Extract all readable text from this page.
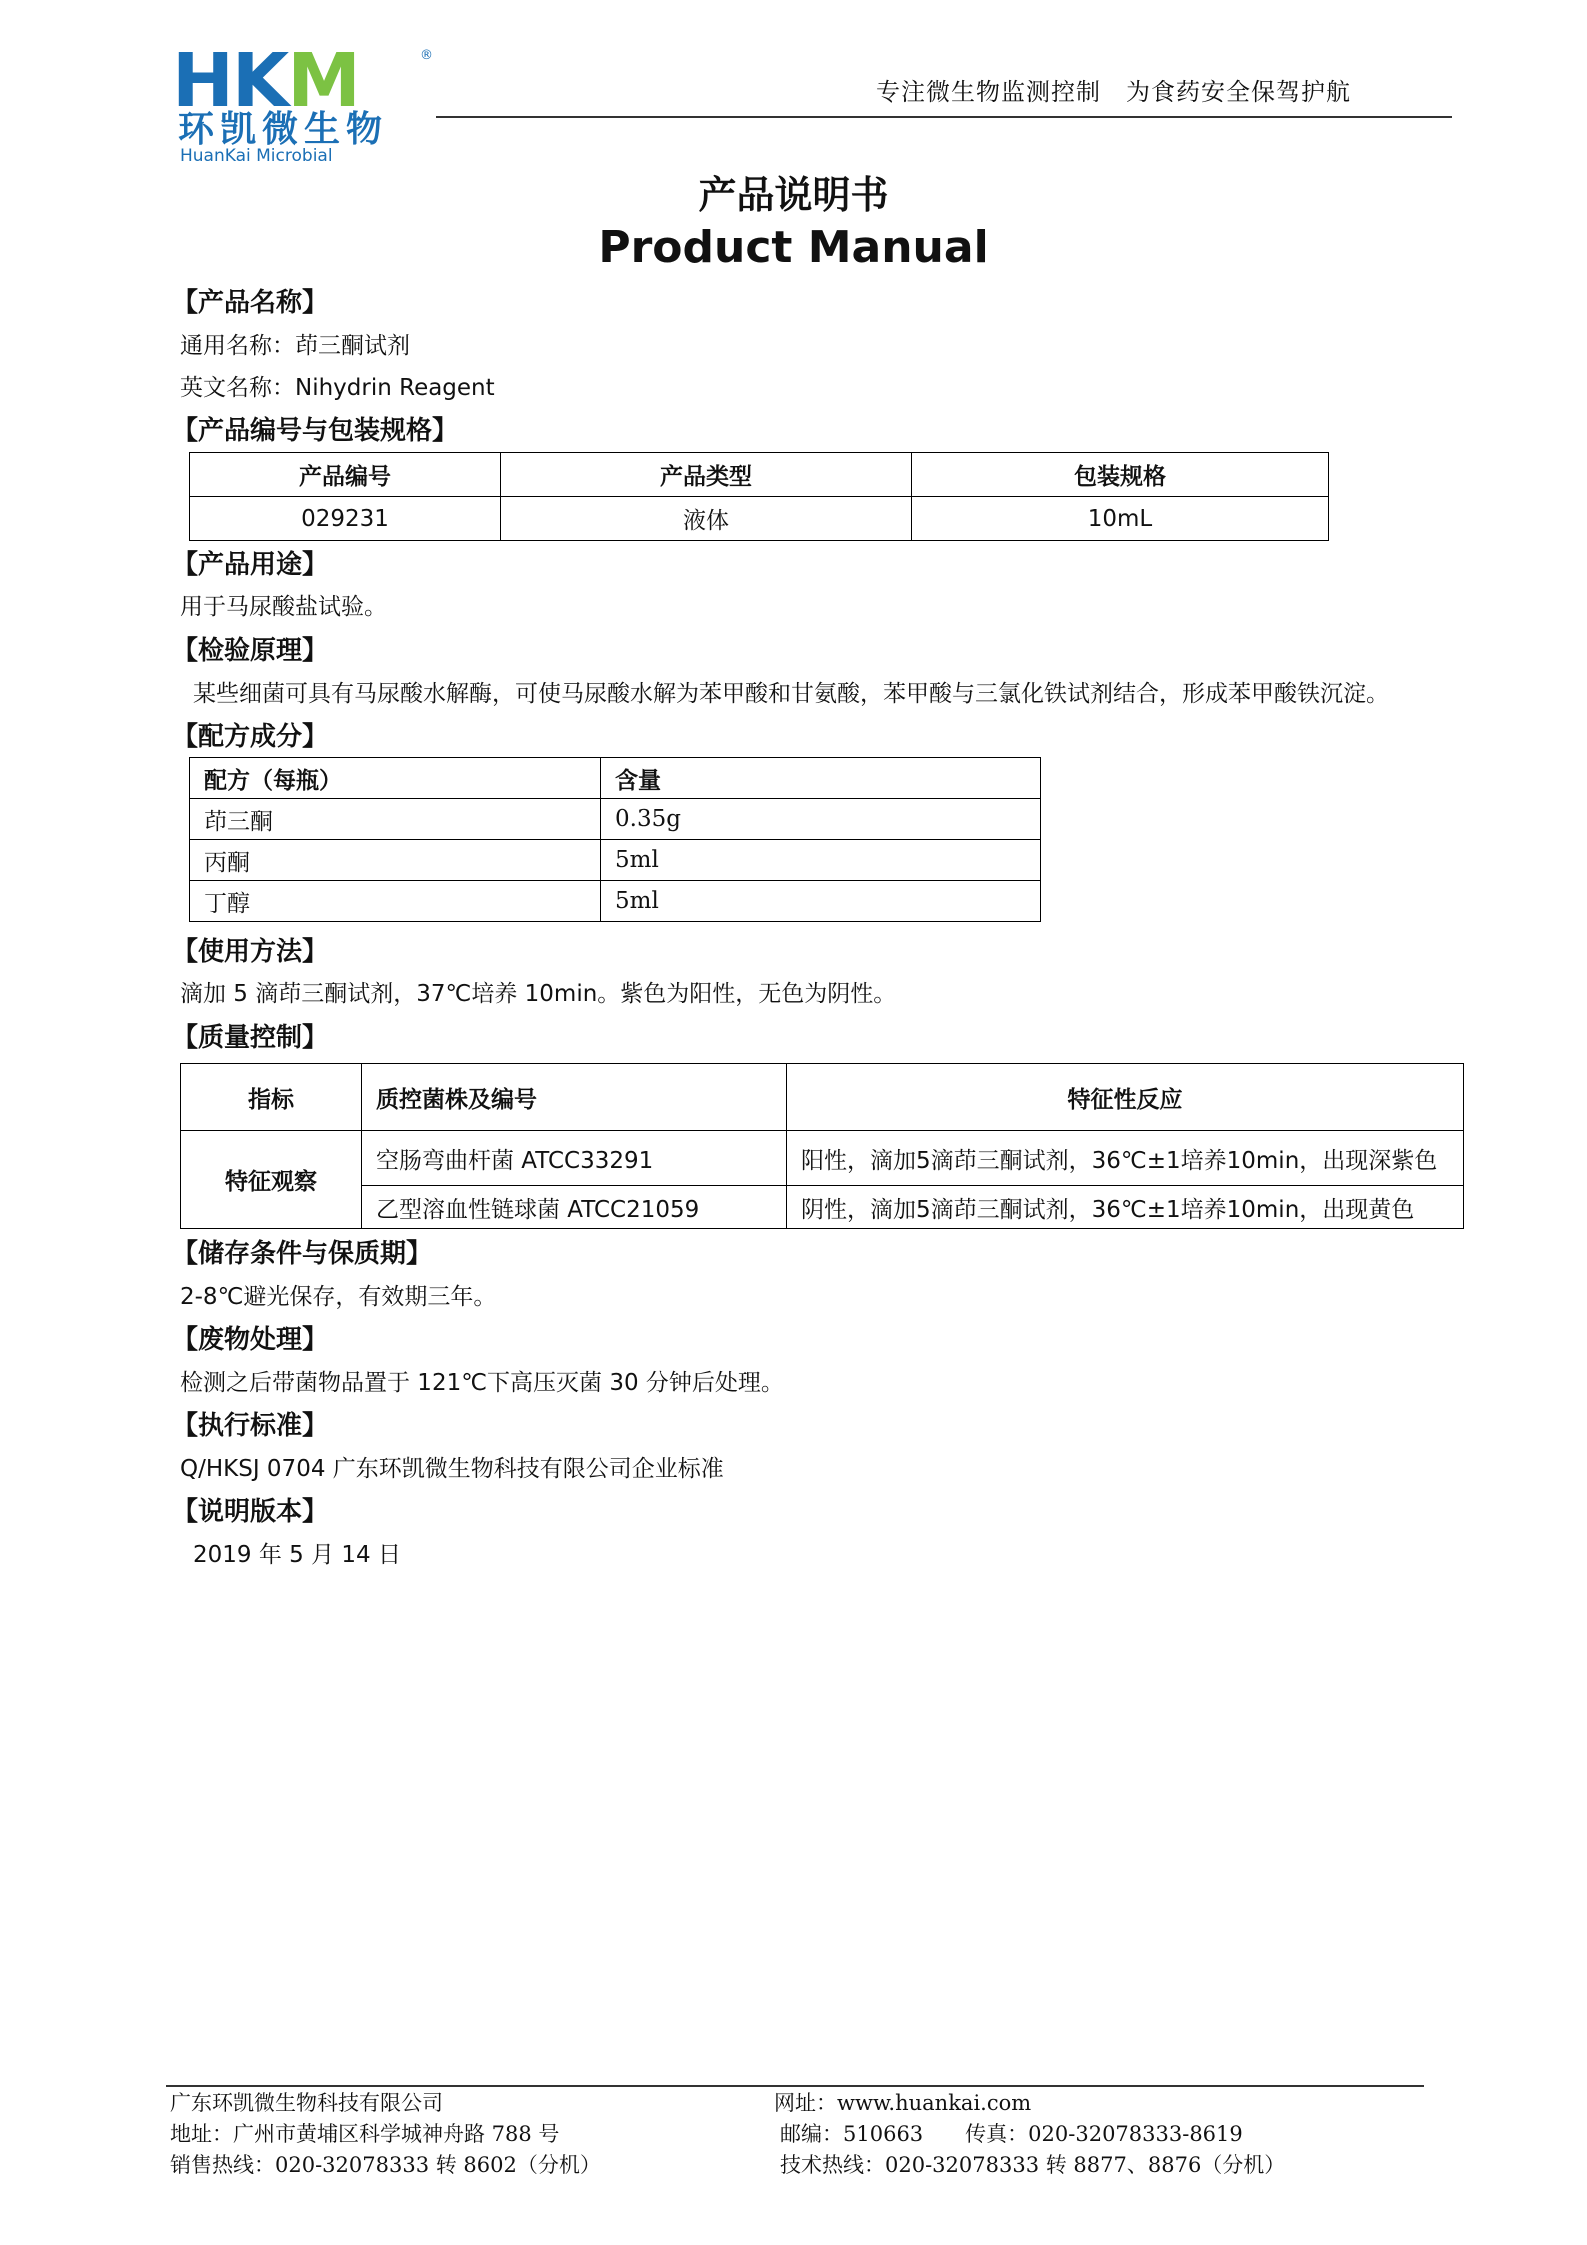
HKM	®
环凯微生物
HuanKai Microbial
专注微生物监测控制　为食药安全保驾护航
产品说明书
Product Manual
【产品名称】
通用名称：茚三酮试剂
英文名称：Nihydrin Reagent
【产品编号与包装规格】
产品编号	产品类型	包装规格
029231	液体	10mL
【产品用途】
用于马尿酸盐试验。
【检验原理】
某些细菌可具有马尿酸水解酶，可使马尿酸水解为苯甲酸和甘氨酸，苯甲酸与三氯化铁试剂结合，形成苯甲酸铁沉淀。
【配方成分】
配方（每瓶）	含量
茚三酮	0.35g
丙酮	5ml
丁醇	5ml
【使用方法】
滴加 5 滴茚三酮试剂，37℃培养 10min。紫色为阳性，无色为阴性。
【质量控制】
指标	质控菌株及编号	特征性反应
特征观察	空肠弯曲杆菌 ATCC33291	阳性，滴加5滴茚三酮试剂，36℃±1培养10min，出现深紫色
	乙型溶血性链球菌 ATCC21059	阴性，滴加5滴茚三酮试剂，36℃±1培养10min，出现黄色
【储存条件与保质期】
2-8℃避光保存，有效期三年。
【废物处理】
检测之后带菌物品置于 121℃下高压灭菌 30 分钟后处理。
【执行标准】
Q/HKSJ 0704 广东环凯微生物科技有限公司企业标准
【说明版本】
2019 年 5 月 14 日
广东环凯微生物科技有限公司
地址：广州市黄埔区科学城神舟路 788 号
销售热线：020-32078333 转 8602（分机）
网址：www.huankai.com
邮编：510663　　传真：020-32078333-8619
技术热线：020-32078333 转 8877、8876（分机）
